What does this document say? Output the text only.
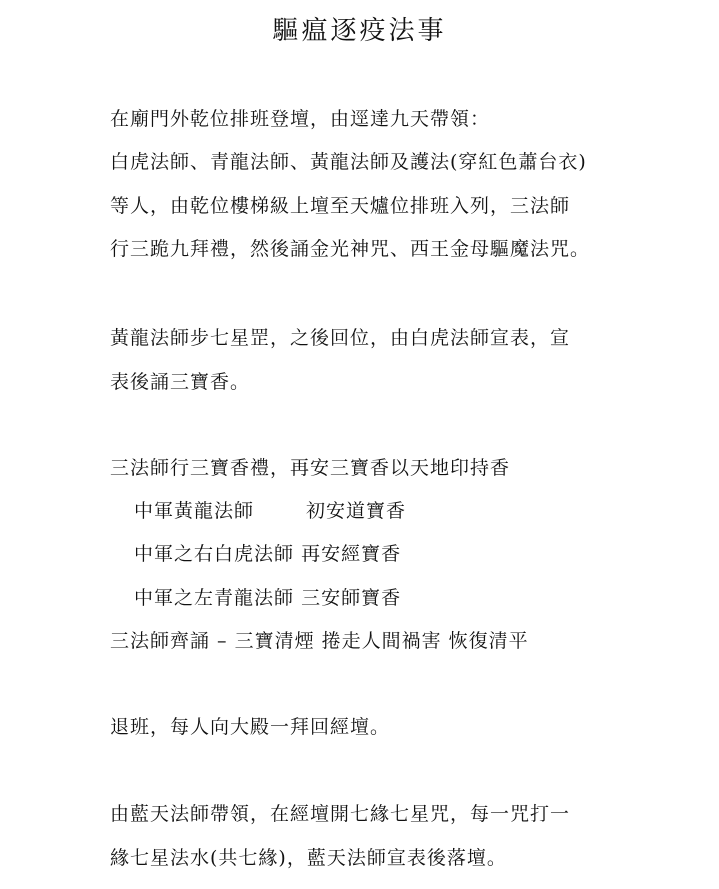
驅瘟逐疫法事
在廟門外乾位排班登壇，由逕達九天帶領：
白虎法師、青龍法師、黃龍法師及護法(穿紅色蕭台衣)
等人，由乾位樓梯級上壇至天爐位排班入列，三法師
行三跪九拜禮，然後誦金光神咒、西王金母驅魔法咒。
黃龍法師步七星罡，之後回位，由白虎法師宣表，宣
表後誦三寶香。
三法師行三寶香禮，再安三寶香以天地印持香
中軍黃龍法師	初安道寶香
中軍之右白虎法師 再安經寶香
中軍之左青龍法師 三安師寶香
三法師齊誦 – 三寶清煙 捲走人間禍害 恢復清平
退班，每人向大殿一拜回經壇。
由藍天法師帶領，在經壇開七緣七星咒，每一咒打一
緣七星法水(共七緣)，藍天法師宣表後落壇。
